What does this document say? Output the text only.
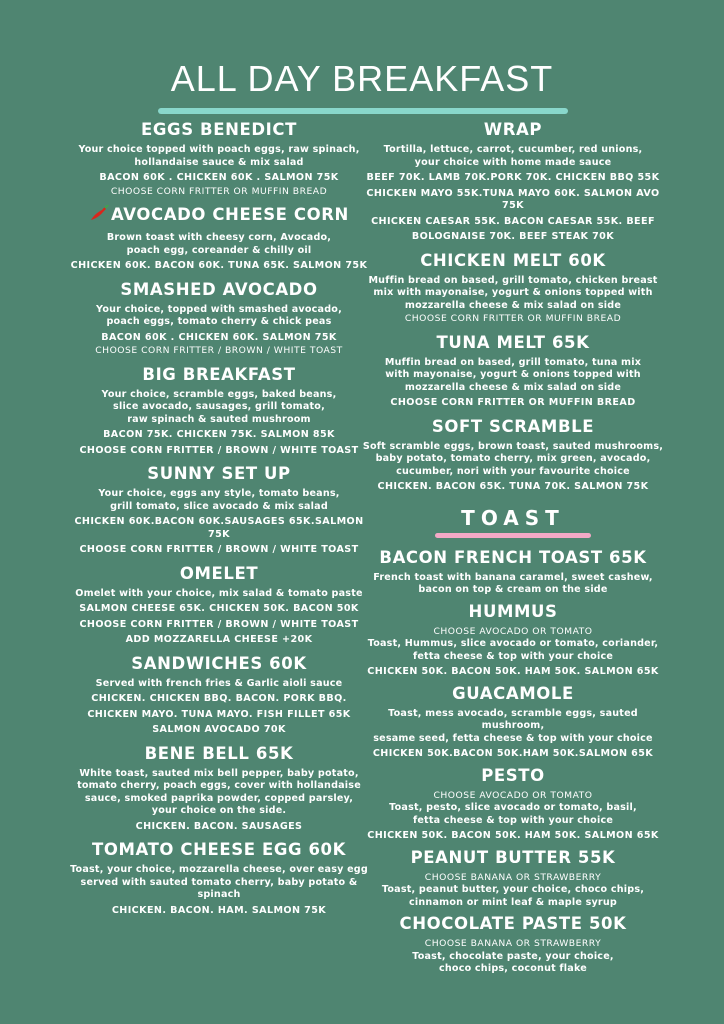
ALL DAY BREAKFAST
EGGS BENEDICT
Your choice topped with poach eggs, raw spinach,
hollandaise sauce & mix salad
BACON 60K . CHICKEN 60K . SALMON 75K
CHOOSE CORN FRITTER OR MUFFIN BREAD
AVOCADO CHEESE CORN
Brown toast with cheesy corn, Avocado,
poach egg, coreander & chilly oil
CHICKEN 60K. BACON 60K. TUNA 65K. SALMON 75K
SMASHED AVOCADO
Your choice, topped with smashed avocado,
poach eggs, tomato cherry & chick peas
BACON 60K . CHICKEN 60K. SALMON 75K
CHOOSE CORN FRITTER / BROWN / WHITE TOAST
BIG BREAKFAST
Your choice, scramble eggs, baked beans,
slice avocado, sausages, grill tomato,
raw spinach & sauted mushroom
BACON 75K. CHICKEN 75K. SALMON 85K
CHOOSE CORN FRITTER / BROWN / WHITE TOAST
SUNNY SET UP
Your choice, eggs any style, tomato beans,
grill tomato, slice avocado & mix salad
CHICKEN 60K.BACON 60K.SAUSAGES 65K.SALMON 75K
CHOOSE CORN FRITTER / BROWN / WHITE TOAST
OMELET
Omelet with your choice, mix salad & tomato paste
SALMON CHEESE 65K. CHICKEN 50K. BACON 50K
CHOOSE CORN FRITTER / BROWN / WHITE TOAST
ADD MOZZARELLA CHEESE +20K
SANDWICHES 60K
Served with french fries & Garlic aioli sauce
CHICKEN. CHICKEN BBQ. BACON. PORK BBQ.
CHICKEN MAYO. TUNA MAYO. FISH FILLET 65K
SALMON AVOCADO 70K
BENE BELL 65K
White toast, sauted mix bell pepper, baby potato,
tomato cherry, poach eggs, cover with hollandaise
sauce, smoked paprika powder, copped parsley,
your choice on the side.
CHICKEN. BACON. SAUSAGES
TOMATO CHEESE EGG 60K
Toast, your choice, mozzarella cheese, over easy egg
served with sauted tomato cherry, baby potato & spinach
CHICKEN. BACON. HAM. SALMON 75K
WRAP
Tortilla, lettuce, carrot, cucumber, red unions,
your choice with home made sauce
BEEF 70K. LAMB 70K.PORK 70K. CHICKEN BBQ 55K
CHICKEN MAYO 55K.TUNA MAYO 60K. SALMON AVO 75K
CHICKEN CAESAR 55K. BACON CAESAR 55K. BEEF
BOLOGNAISE 70K. BEEF STEAK 70K
CHICKEN MELT 60K
Muffin bread on based, grill tomato, chicken breast
mix with mayonaise, yogurt & onions topped with
mozzarella cheese & mix salad on side
CHOOSE CORN FRITTER OR MUFFIN BREAD
TUNA MELT 65K
Muffin bread on based, grill tomato, tuna mix
with mayonaise, yogurt & onions topped with
mozzarella cheese & mix salad on side
CHOOSE CORN FRITTER OR MUFFIN BREAD
SOFT SCRAMBLE
Soft scramble eggs, brown toast, sauted mushrooms,
baby potato, tomato cherry, mix green, avocado,
cucumber, nori with your favourite choice
CHICKEN. BACON 65K. TUNA 70K. SALMON 75K
TOAST
BACON FRENCH TOAST 65K
French toast with banana caramel, sweet cashew,
bacon on top & cream on the side
HUMMUS
CHOOSE AVOCADO OR TOMATO
Toast, Hummus, slice avocado or tomato, coriander,
fetta cheese & top with your choice
CHICKEN 50K. BACON 50K. HAM 50K. SALMON 65K
GUACAMOLE
Toast, mess avocado, scramble eggs, sauted mushroom,
sesame seed, fetta cheese & top with your choice
CHICKEN 50K.BACON 50K.HAM 50K.SALMON 65K
PESTO
CHOOSE AVOCADO OR TOMATO
Toast, pesto, slice avocado or tomato, basil,
fetta cheese & top with your choice
CHICKEN 50K. BACON 50K. HAM 50K. SALMON 65K
PEANUT BUTTER 55K
CHOOSE BANANA OR STRAWBERRY
Toast, peanut butter, your choice, choco chips,
cinnamon or mint leaf & maple syrup
CHOCOLATE PASTE 50K
CHOOSE BANANA OR STRAWBERRY
Toast, chocolate paste, your choice,
choco chips, coconut flake
